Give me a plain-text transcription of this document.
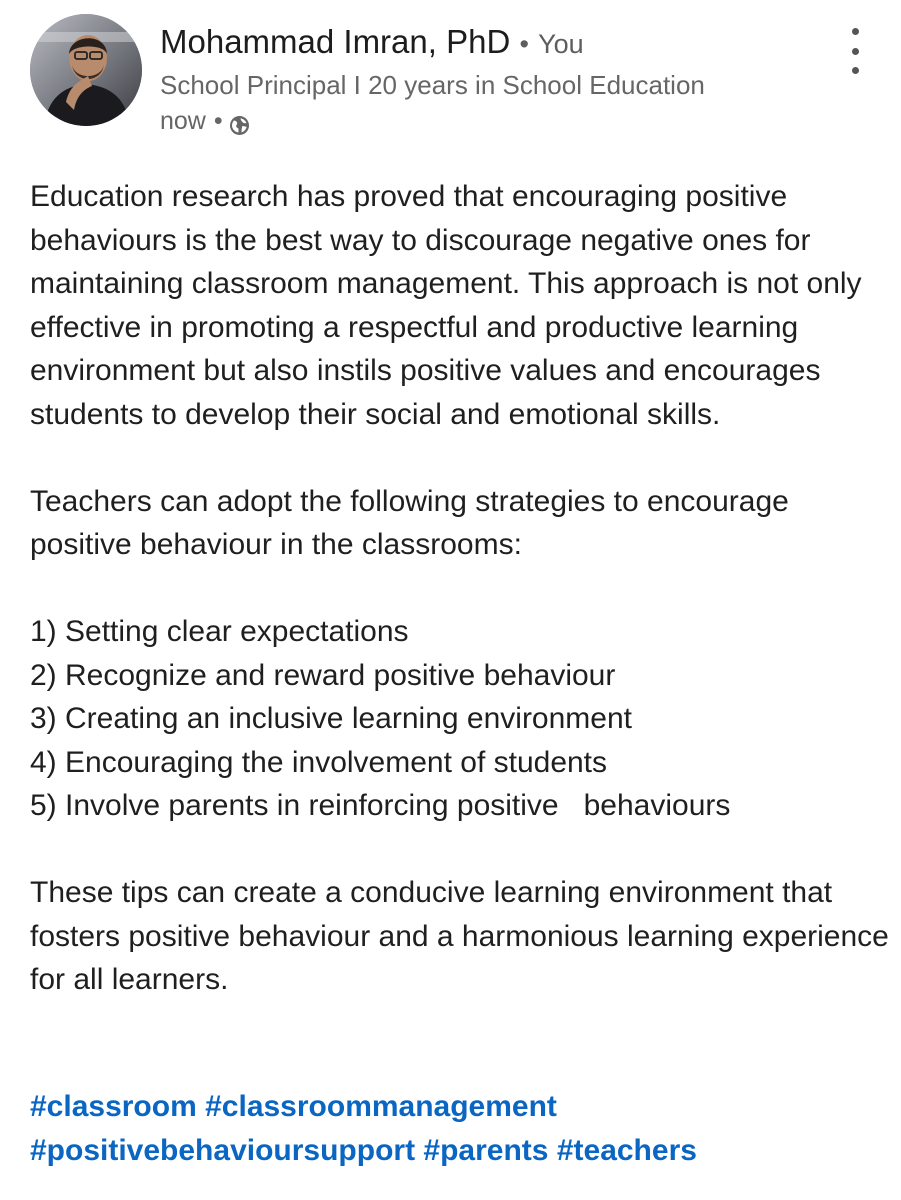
Mohammad Imran, PhD • You
School Principal I 20 years in School Education
now •

Education research has proved that encouraging positive behaviours is the best way to discourage negative ones for maintaining classroom management. This approach is not only effective in promoting a respectful and productive learning environment but also instils positive values and encourages students to develop their social and emotional skills.

Teachers can adopt the following strategies to encourage positive behaviour in the classrooms:

1) Setting clear expectations

2) Recognize and reward positive behaviour

3) Creating an inclusive learning environment

4) Encouraging the involvement of students

5) Involve parents in reinforcing positive   behaviours

These tips can create a conducive learning environment that fosters positive behaviour and a harmonious learning experience for all learners.

#classroom #classroommanagement
#positivebehavioursupport #parents #teachers
